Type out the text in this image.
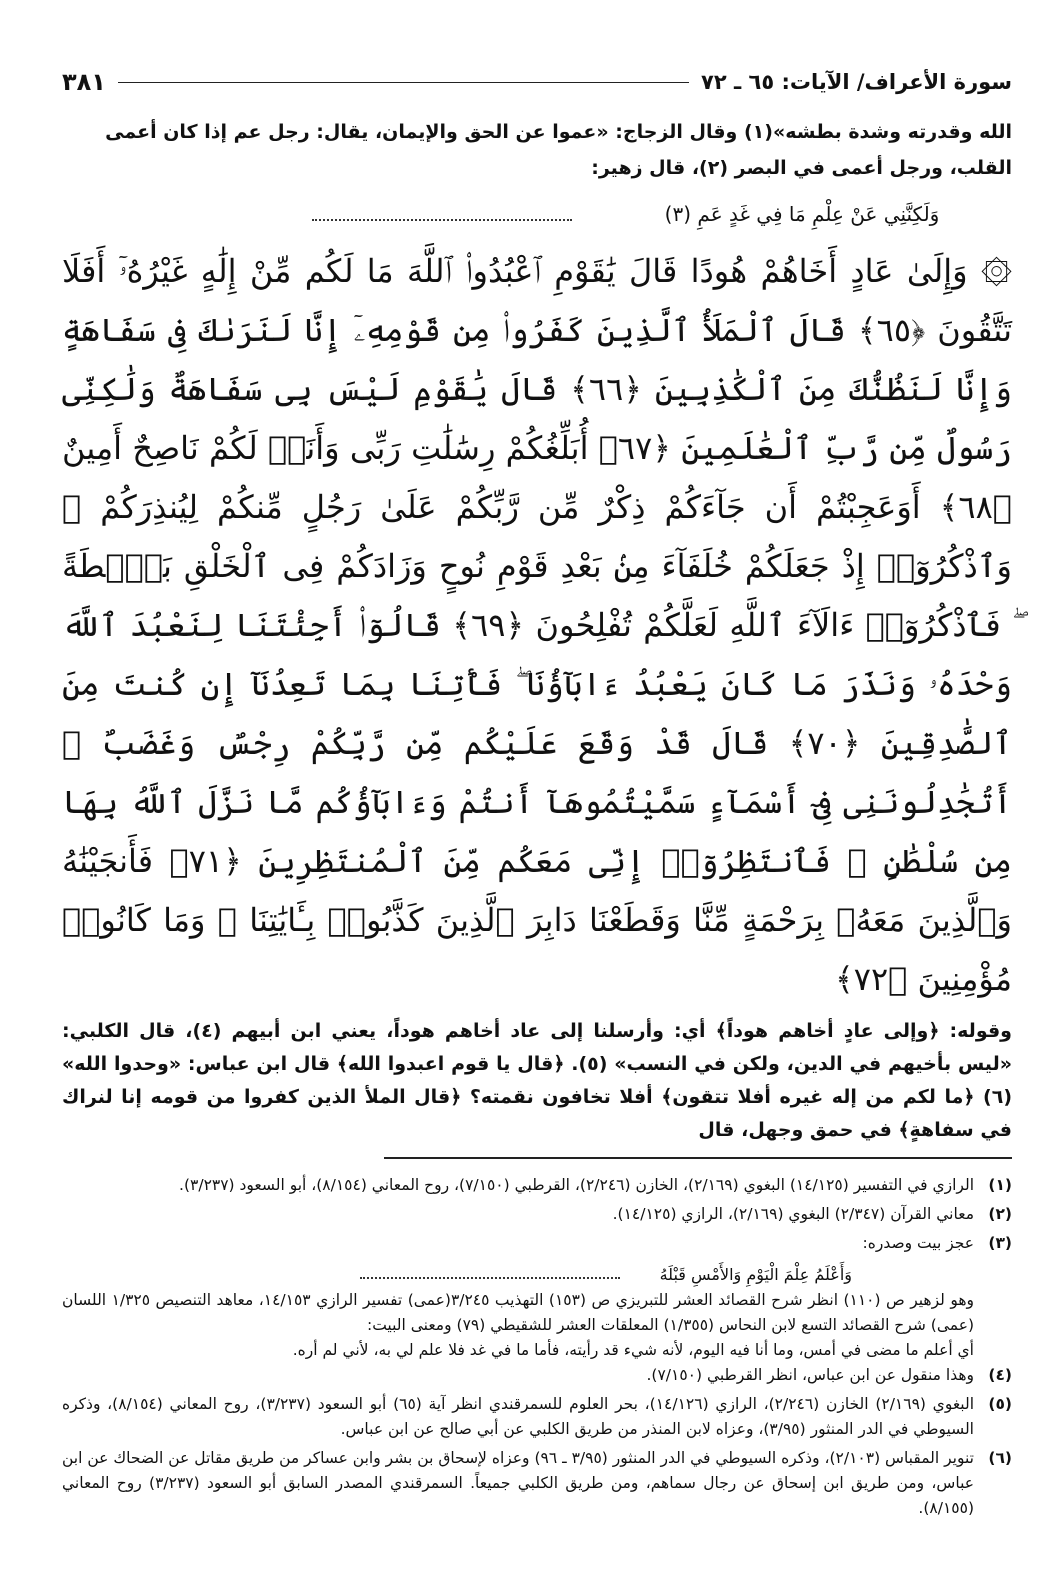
سورة الأعراف/ الآيات: ٦٥ ـ ٧٢
٣٨١
الله وقدرته وشدة بطشه»(١) وقال الزجاج: «عموا عن الحق والإيمان، يقال: رجل عم إذا كان أعمى القلب، ورجل أعمى في البصر (٢)، قال زهير:
وَلَكِنَّنِي عَنْ عِلْمِ مَا فِي غَدٍ عَمِ (٣)
۞ وَإِلَىٰ عَادٍ أَخَاهُمْ هُودًا قَالَ يَٰقَوْمِ ٱعْبُدُوا۟ ٱللَّهَ مَا لَكُم مِّنْ إِلَٰهٍ غَيْرُهُۥٓ أَفَلَا تَتَّقُونَ ﴿٦٥﴾ قَالَ ٱلْمَلَأُ ٱلَّذِينَ كَفَرُوا۟ مِن قَوْمِهِۦٓ إِنَّا لَنَرَىٰكَ فِى سَفَاهَةٍ وَإِنَّا لَنَظُنُّكَ مِنَ ٱلْكَٰذِبِينَ ﴿٦٦﴾ قَالَ يَٰقَوْمِ لَيْسَ بِى سَفَاهَةٌ وَلَٰكِنِّى رَسُولٌ مِّن رَّبِّ ٱلْعَٰلَمِينَ ﴿٦٧﴾ أُبَلِّغُكُمْ رِسَٰلَٰتِ رَبِّى وَأَنَا۠ لَكُمْ نَاصِحٌ أَمِينٌ ﴿٦٨﴾ أَوَعَجِبْتُمْ أَن جَآءَكُمْ ذِكْرٌ مِّن رَّبِّكُمْ عَلَىٰ رَجُلٍ مِّنكُمْ لِيُنذِرَكُمْ ۚ وَٱذْكُرُوٓا۟ إِذْ جَعَلَكُمْ خُلَفَآءَ مِنۢ بَعْدِ قَوْمِ نُوحٍ وَزَادَكُمْ فِى ٱلْخَلْقِ بَصْۜطَةً ۖ فَٱذْكُرُوٓا۟ ءَالَآءَ ٱللَّهِ لَعَلَّكُمْ تُفْلِحُونَ ﴿٦٩﴾ قَالُوٓا۟ أَجِئْتَنَا لِنَعْبُدَ ٱللَّهَ وَحْدَهُۥ وَنَذَرَ مَا كَانَ يَعْبُدُ ءَابَآؤُنَا ۖ فَأْتِنَا بِمَا تَعِدُنَآ إِن كُنتَ مِنَ ٱلصَّٰدِقِينَ ﴿٧٠﴾ قَالَ قَدْ وَقَعَ عَلَيْكُم مِّن رَّبِّكُمْ رِجْسٌ وَغَضَبٌ ۖ أَتُجَٰدِلُونَنِى فِىٓ أَسْمَآءٍ سَمَّيْتُمُوهَآ أَنتُمْ وَءَابَآؤُكُم مَّا نَزَّلَ ٱللَّهُ بِهَا مِن سُلْطَٰنٍ ۚ فَٱنتَظِرُوٓا۟ إِنِّى مَعَكُم مِّنَ ٱلْمُنتَظِرِينَ ﴿٧١﴾ فَأَنجَيْنَٰهُ وَٱلَّذِينَ مَعَهُۥ بِرَحْمَةٍ مِّنَّا وَقَطَعْنَا دَابِرَ ٱلَّذِينَ كَذَّبُوا۟ بِـَٔايَٰتِنَا ۖ وَمَا كَانُوا۟ مُؤْمِنِينَ ﴿٧٢﴾
وقوله: ﴿وإلى عادٍ أخاهم هوداً﴾ أي: وأرسلنا إلى عاد أخاهم هوداً، يعني ابن أبيهم (٤)، قال الكلبي: «ليس بأخيهم في الدين، ولكن في النسب» (٥). ﴿قال يا قوم اعبدوا الله﴾ قال ابن عباس: «وحدوا الله» (٦) ﴿ما لكم من إله غيره أفلا تتقون﴾ أفلا تخافون نقمته؟ ﴿قال الملأ الذين كفروا من قومه إنا لنراك في سفاهةٍ﴾ في حمق وجهل، قال
(١)
الرازي في التفسير (١٤/١٢٥) البغوي (٢/١٦٩)، الخازن (٢/٢٤٦)، القرطبي (٧/١٥٠)، روح المعاني (٨/١٥٤)، أبو السعود (٣/٢٣٧).
(٢)
معاني القرآن (٢/٣٤٧) البغوي (٢/١٦٩)، الرازي (١٤/١٢٥).
(٣)
عجز بيت وصدره:
وَأَعْلَمُ عِلْمَ الْيَوْمِ وَالأَمْسِ قَبْلَهُ
وهو لزهير ص (١١٠) انظر شرح القصائد العشر للتبريزي ص (١٥٣) التهذيب ٣/٢٤٥(عمى) تفسير الرازي ١٤/١٥٣، معاهد التنصيص ١/٣٢٥ اللسان (عمى) شرح القصائد التسع لابن النحاس (١/٣٥٥) المعلقات العشر للشقيطي (٧٩) ومعنى البيت:
أي أعلم ما مضى في أمس، وما أنا فيه اليوم، لأنه شيء قد رأيته، فأما ما في غد فلا علم لي به، لأني لم أره.
(٤)
وهذا منقول عن ابن عباس، انظر القرطبي (٧/١٥٠).
(٥)
البغوي (٢/١٦٩) الخازن (٢/٢٤٦)، الرازي (١٤/١٢٦)، بحر العلوم للسمرقندي انظر آية (٦٥) أبو السعود (٣/٢٣٧)، روح المعاني (٨/١٥٤)، وذكره السيوطي في الدر المنثور (٣/٩٥)، وعزاه لابن المنذر من طريق الكلبي عن أبي صالح عن ابن عباس.
(٦)
تنوير المقباس (٢/١٠٣)، وذكره السيوطي في الدر المنثور (٣/٩٥ ـ ٩٦) وعزاه لإسحاق بن بشر وابن عساكر من طريق مقاتل عن الضحاك عن ابن عباس، ومن طريق ابن إسحاق عن رجال سماهم، ومن طريق الكلبي جميعاً. السمرقندي المصدر السابق أبو السعود (٣/٢٣٧) روح المعاني (٨/١٥٥).
